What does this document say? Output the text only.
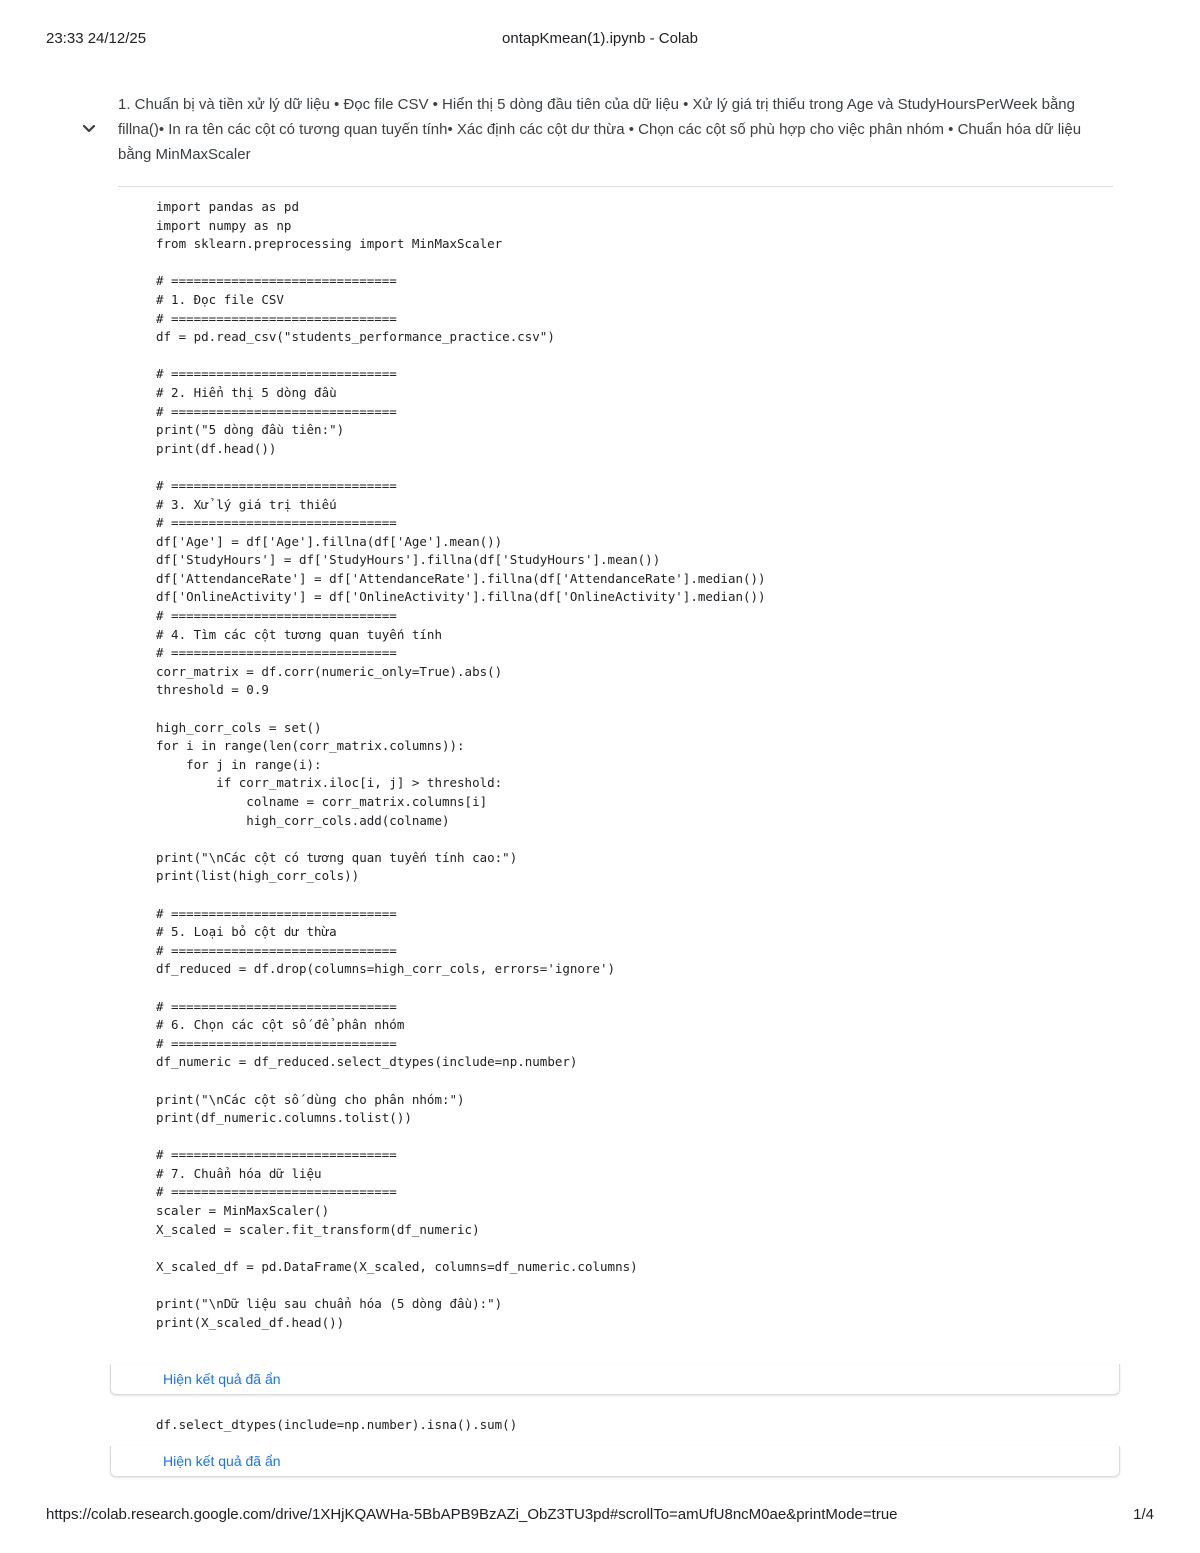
23:33 24/12/25	ontapKmean(1).ipynb - Colab
1. Chuẩn bị và tiền xử lý dữ liệu • Đọc file CSV • Hiển thị 5 dòng đầu tiên của dữ liệu • Xử lý giá trị thiếu trong Age và StudyHoursPerWeek bằng fillna()• In ra tên các cột có tương quan tuyến tính• Xác định các cột dư thừa • Chọn các cột số phù hợp cho việc phân nhóm • Chuẩn hóa dữ liệu bằng MinMaxScaler
import pandas as pd
import numpy as np
from sklearn.preprocessing import MinMaxScaler

# ==============================
# 1. Đọc file CSV
# ==============================
df = pd.read_csv("students_performance_practice.csv")

# ==============================
# 2. Hiển thị 5 dòng đầu
# ==============================
print("5 dòng đầu tiên:")
print(df.head())

# ==============================
# 3. Xử lý giá trị thiếu
# ==============================
df['Age'] = df['Age'].fillna(df['Age'].mean())
df['StudyHours'] = df['StudyHours'].fillna(df['StudyHours'].mean())
df['AttendanceRate'] = df['AttendanceRate'].fillna(df['AttendanceRate'].median())
df['OnlineActivity'] = df['OnlineActivity'].fillna(df['OnlineActivity'].median())
# ==============================
# 4. Tìm các cột tương quan tuyến tính
# ==============================
corr_matrix = df.corr(numeric_only=True).abs()
threshold = 0.9

high_corr_cols = set()
for i in range(len(corr_matrix.columns)):
for j in range(i):
if corr_matrix.iloc[i, j] > threshold:
colname = corr_matrix.columns[i]
high_corr_cols.add(colname)

print("\nCác cột có tương quan tuyến tính cao:")
print(list(high_corr_cols))

# ==============================
# 5. Loại bỏ cột dư thừa
# ==============================
df_reduced = df.drop(columns=high_corr_cols, errors='ignore')

# ==============================
# 6. Chọn các cột số để phân nhóm
# ==============================
df_numeric = df_reduced.select_dtypes(include=np.number)

print("\nCác cột số dùng cho phân nhóm:")
print(df_numeric.columns.tolist())

# ==============================
# 7. Chuẩn hóa dữ liệu
# ==============================
scaler = MinMaxScaler()
X_scaled = scaler.fit_transform(df_numeric)

X_scaled_df = pd.DataFrame(X_scaled, columns=df_numeric.columns)

print("\nDữ liệu sau chuẩn hóa (5 dòng đầu):")
print(X_scaled_df.head())
Hiện kết quả đã ẩn
df.select_dtypes(include=np.number).isna().sum()
Hiện kết quả đã ẩn
https://colab.research.google.com/drive/1XHjKQAWHa-5BbAPB9BzAZi_ObZ3TU3pd#scrollTo=amUfU8ncM0ae&printMode=true	1/4
